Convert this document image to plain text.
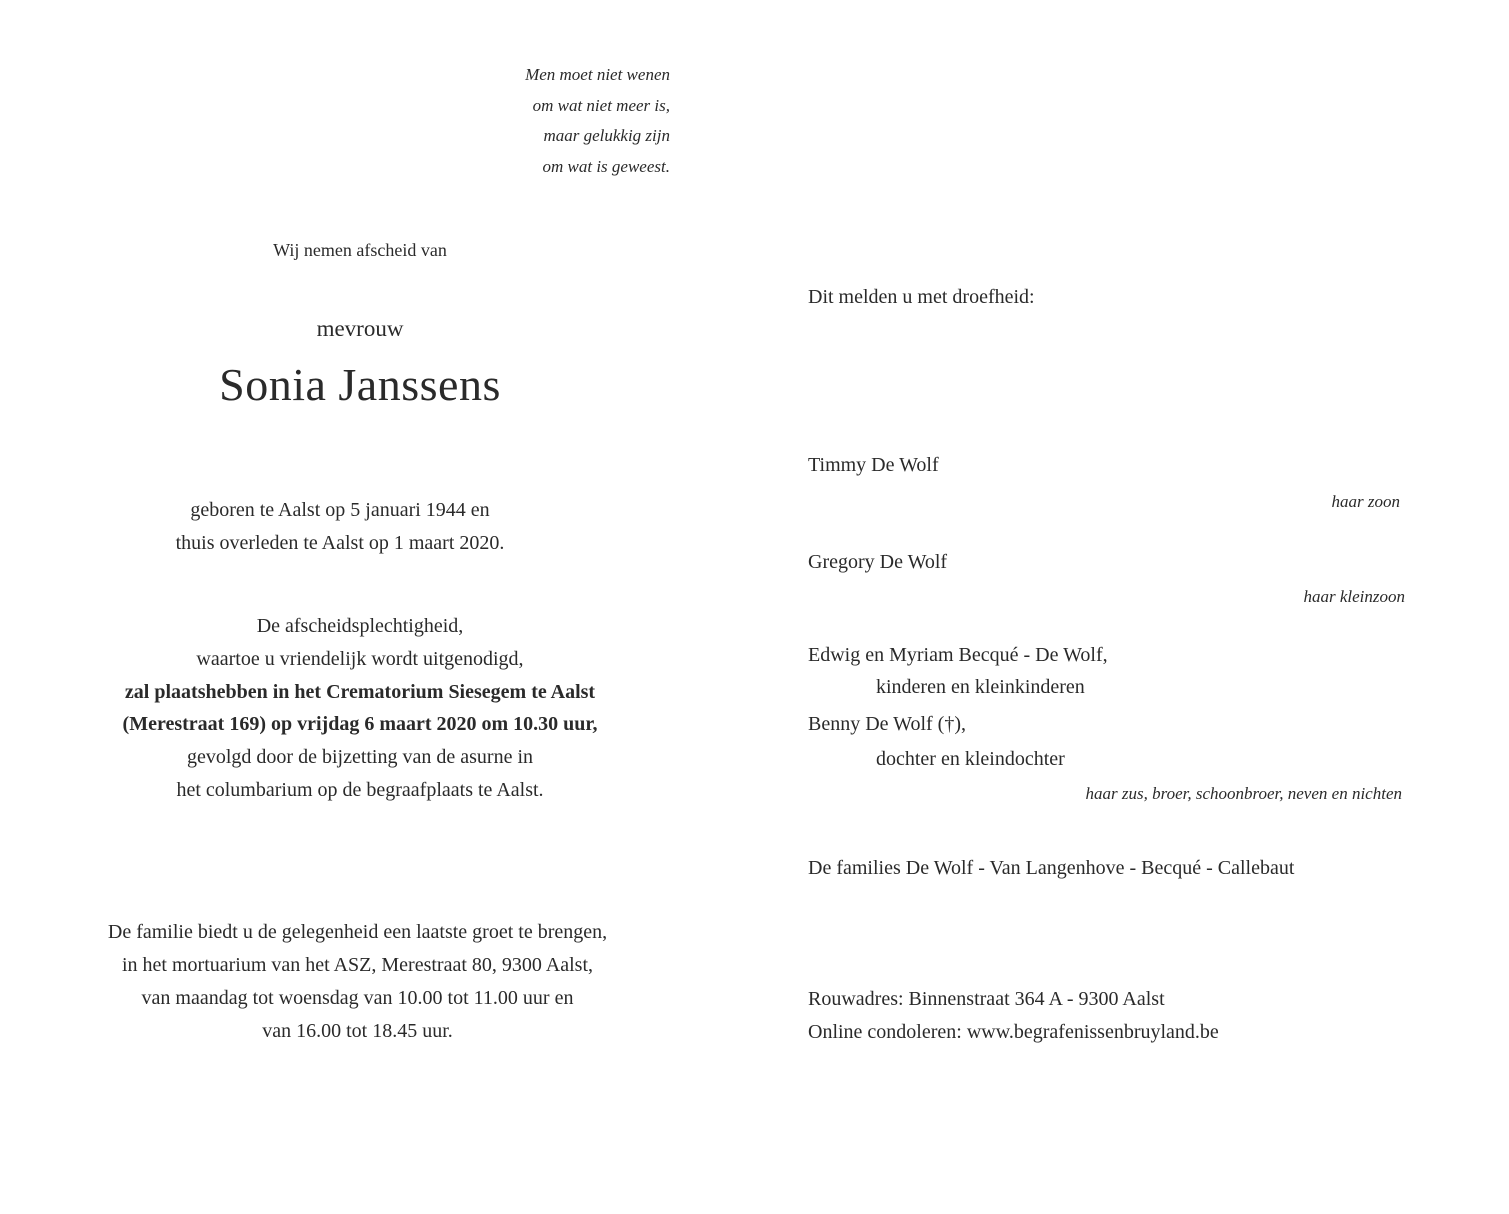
Men moet niet wenen
om wat niet meer is,
maar gelukkig zijn
om wat is geweest.
Wij nemen afscheid van
mevrouw
Sonia Janssens
geboren te Aalst op 5 januari 1944 en
thuis overleden te Aalst op 1 maart 2020.
De afscheidsplechtigheid,
waartoe u vriendelijk wordt uitgenodigd,
zal plaatshebben in het Crematorium Siesegem te Aalst
(Merestraat 169) op vrijdag 6 maart 2020 om 10.30 uur,
gevolgd door de bijzetting van de asurne in
het columbarium op de begraafplaats te Aalst.
De familie biedt u de gelegenheid een laatste groet te brengen,
in het mortuarium van het ASZ, Merestraat 80, 9300 Aalst,
van maandag tot woensdag van 10.00 tot 11.00 uur en
van 16.00 tot 18.45 uur.
Dit melden u met droefheid:
Timmy De Wolf
haar zoon
Gregory De Wolf
haar kleinzoon
Edwig en Myriam Becqué - De Wolf,
kinderen en kleinkinderen
Benny De Wolf (†),
dochter en kleindochter
haar zus, broer, schoonbroer, neven en nichten
De families De Wolf - Van Langenhove - Becqué - Callebaut
Rouwadres: Binnenstraat 364 A - 9300 Aalst
Online condoleren: www.begrafenissenbruyland.be
